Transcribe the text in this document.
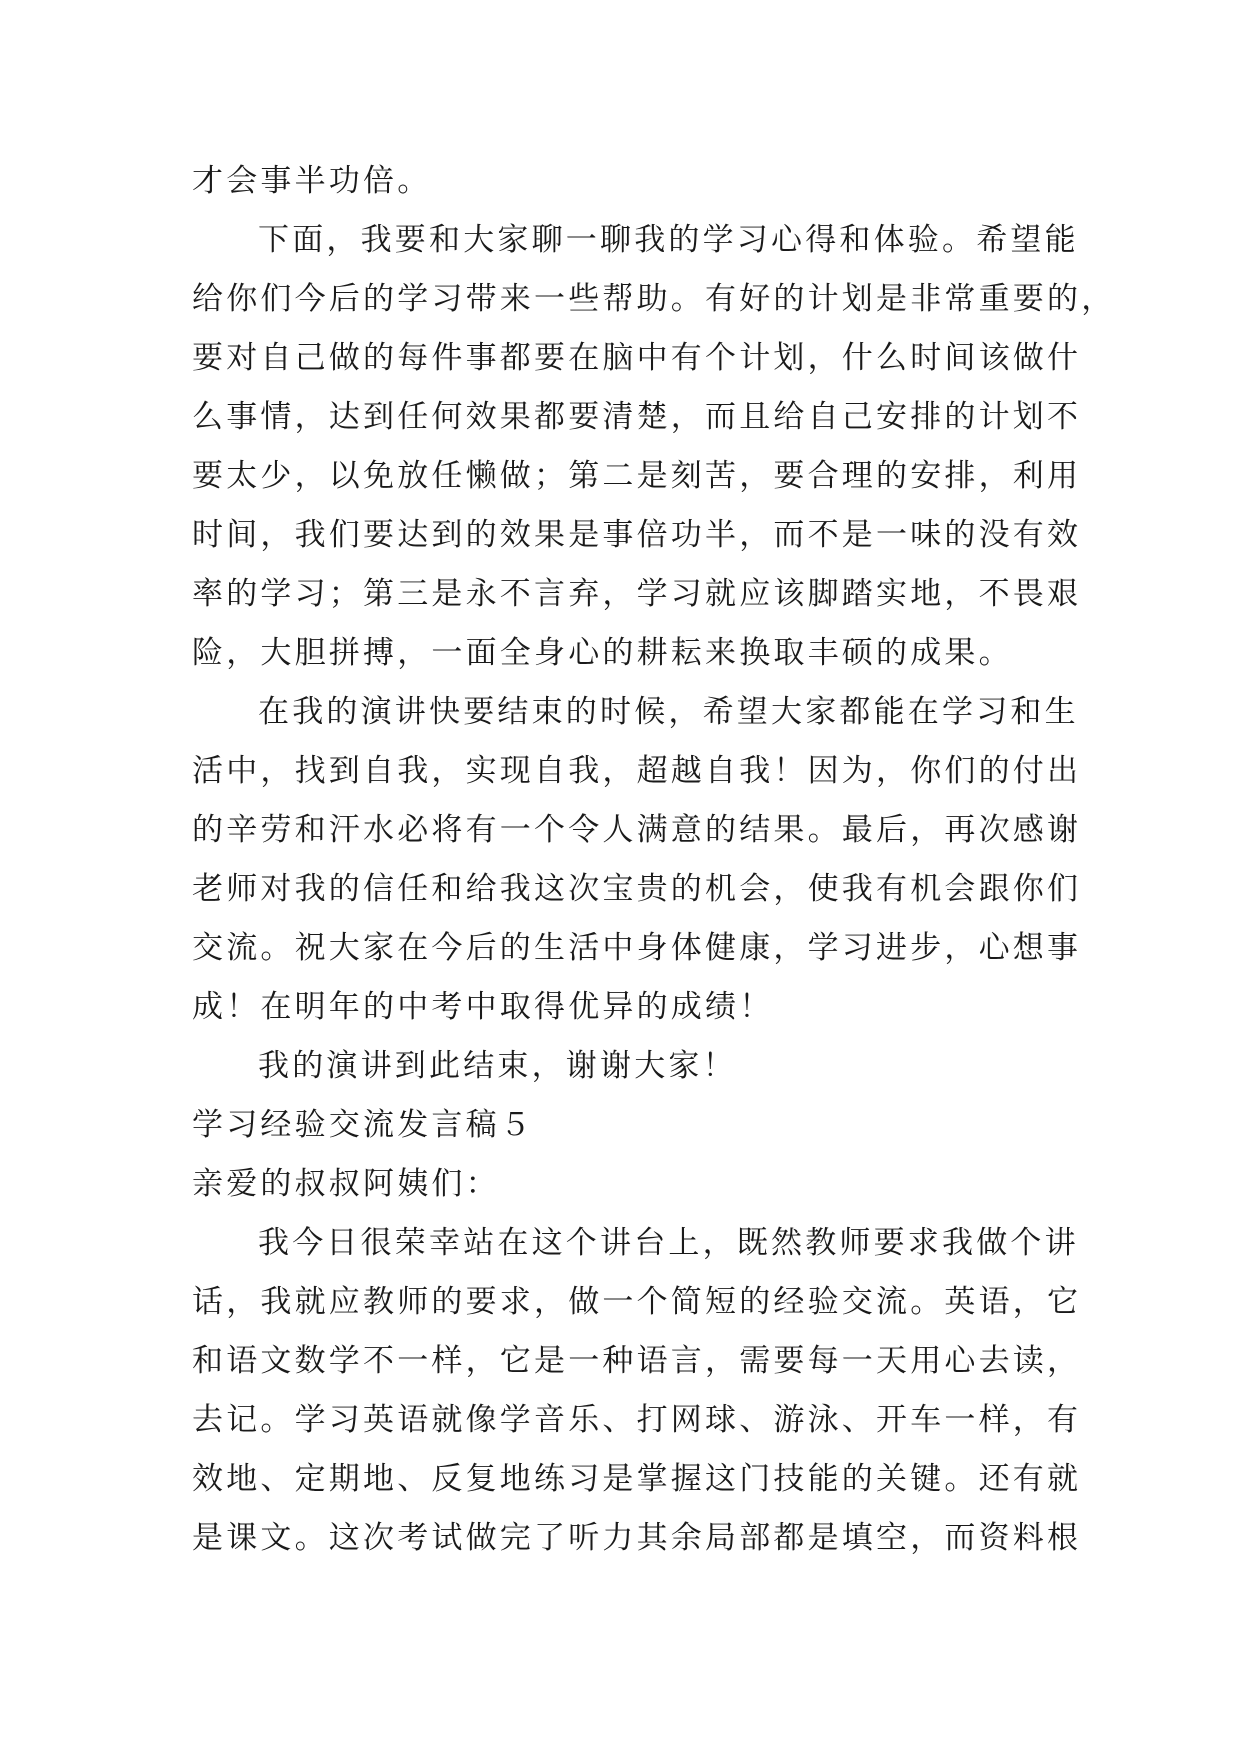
才会事半功倍。
下面，我要和大家聊一聊我的学习心得和体验。希望能
给你们今后的学习带来一些帮助。有好的计划是非常重要的，
要对自己做的每件事都要在脑中有个计划，什么时间该做什
么事情，达到任何效果都要清楚，而且给自己安排的计划不
要太少，以免放任懒做；第二是刻苦，要合理的安排，利用
时间，我们要达到的效果是事倍功半，而不是一味的没有效
率的学习；第三是永不言弃，学习就应该脚踏实地，不畏艰
险，大胆拼搏，一面全身心的耕耘来换取丰硕的成果。
在我的演讲快要结束的时候，希望大家都能在学习和生
活中，找到自我，实现自我，超越自我！因为，你们的付出
的辛劳和汗水必将有一个令人满意的结果。最后，再次感谢
老师对我的信任和给我这次宝贵的机会，使我有机会跟你们
交流。祝大家在今后的生活中身体健康，学习进步，心想事
成！在明年的中考中取得优异的成绩！
我的演讲到此结束，谢谢大家！
学习经验交流发言稿５
亲爱的叔叔阿姨们：
我今日很荣幸站在这个讲台上，既然教师要求我做个讲
话，我就应教师的要求，做一个简短的经验交流。英语，它
和语文数学不一样，它是一种语言，需要每一天用心去读，
去记。学习英语就像学音乐、打网球、游泳、开车一样，有
效地、定期地、反复地练习是掌握这门技能的关键。还有就
是课文。这次考试做完了听力其余局部都是填空，而资料根
